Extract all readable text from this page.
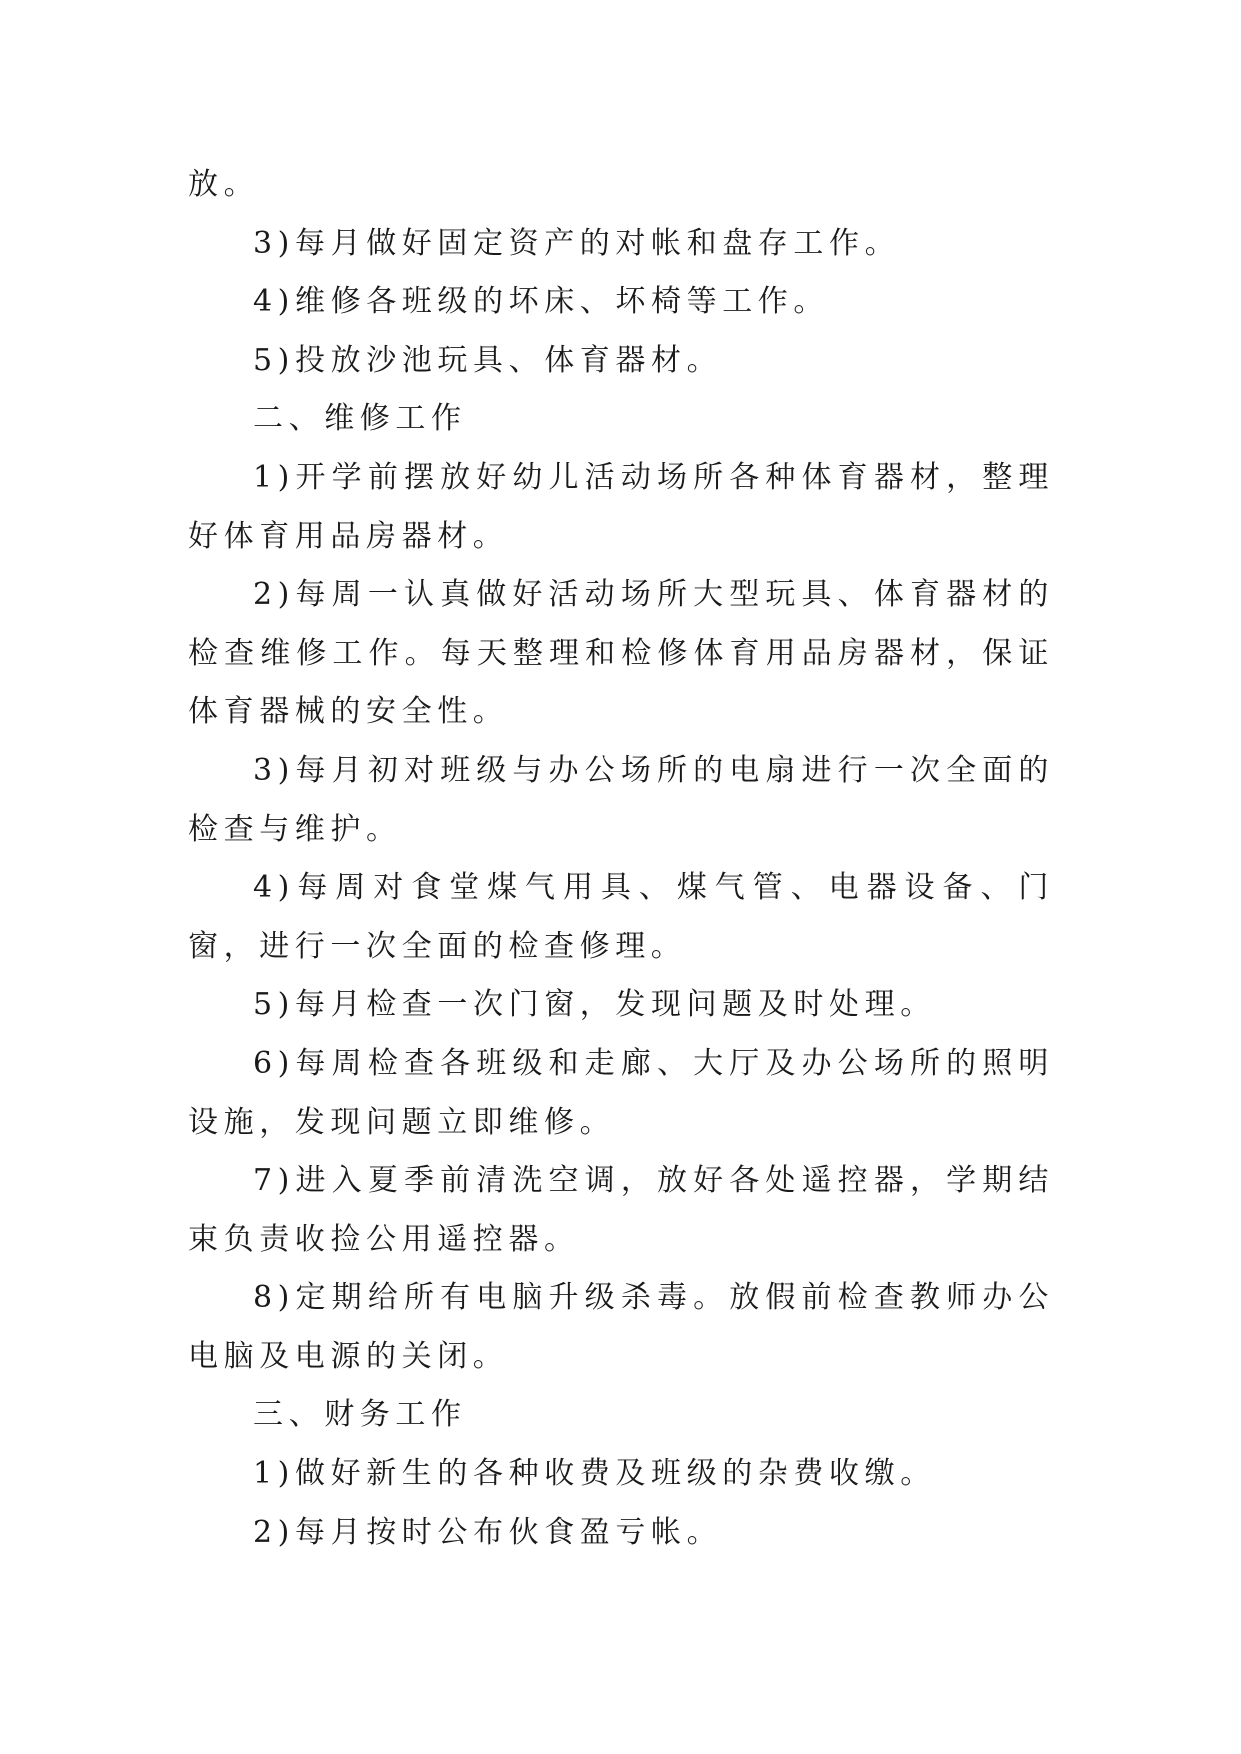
放。

3)每月做好固定资产的对帐和盘存工作。

4)维修各班级的坏床、坏椅等工作。

5)投放沙池玩具、体育器材。

二、维修工作

1)开学前摆放好幼儿活动场所各种体育器材，整理好体育用品房器材。

2)每周一认真做好活动场所大型玩具、体育器材的检查维修工作。每天整理和检修体育用品房器材，保证体育器械的安全性。

3)每月初对班级与办公场所的电扇进行一次全面的检查与维护。

4)每周对食堂煤气用具、煤气管、电器设备、门窗，进行一次全面的检查修理。

5)每月检查一次门窗，发现问题及时处理。

6)每周检查各班级和走廊、大厅及办公场所的照明设施，发现问题立即维修。

7)进入夏季前清洗空调，放好各处遥控器，学期结束负责收捡公用遥控器。

8)定期给所有电脑升级杀毒。放假前检查教师办公电脑及电源的关闭。

三、财务工作

1)做好新生的各种收费及班级的杂费收缴。

2)每月按时公布伙食盈亏帐。
